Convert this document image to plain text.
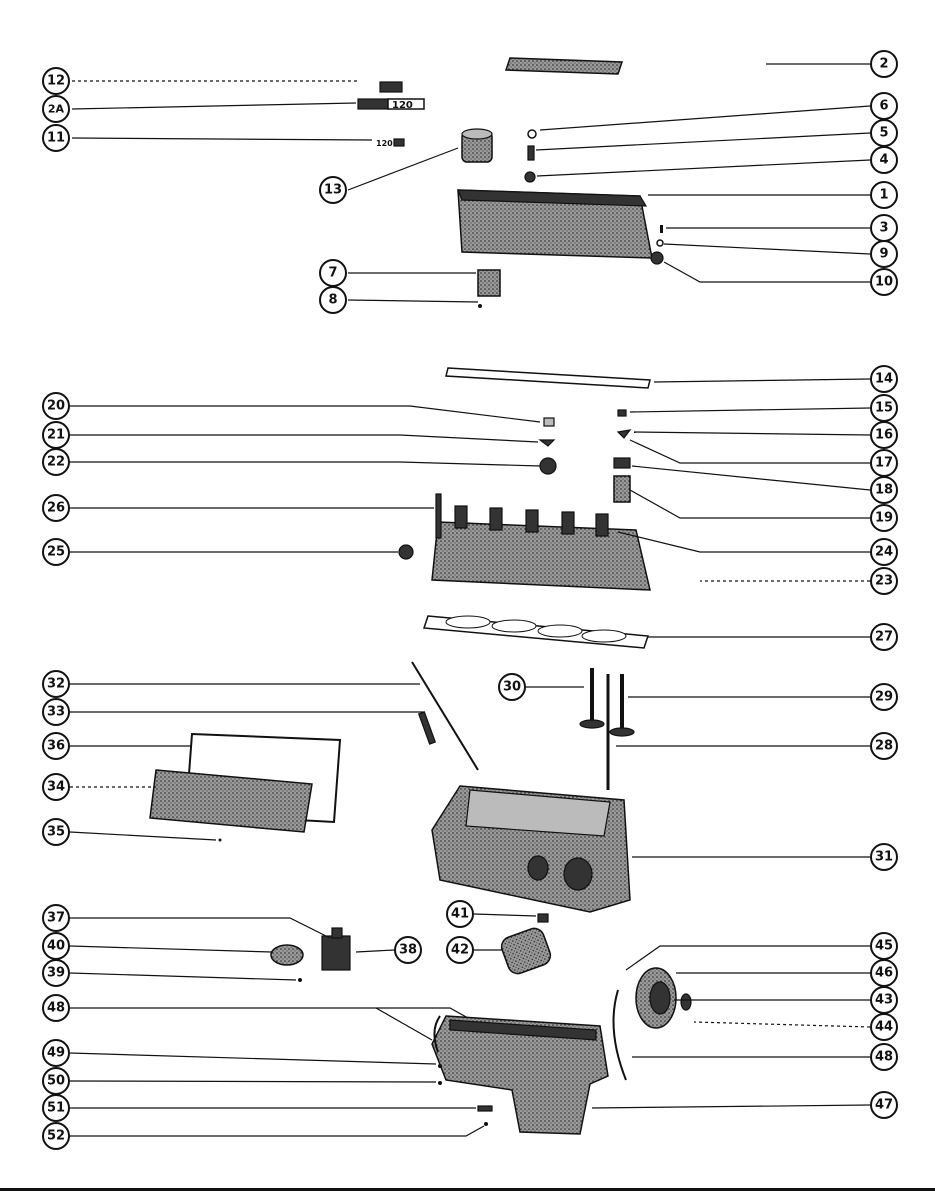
120
120
2
12
2A
11
6
5
4
13	1
3
9
10
7
8
14
20	15
21	16
22	17
18
26
19
25	24
23
27
32	30
29
33
36	28
34
35
31
37	41
40	38	42	45
39	46
48
43
44
49	48
50
51	47
52
